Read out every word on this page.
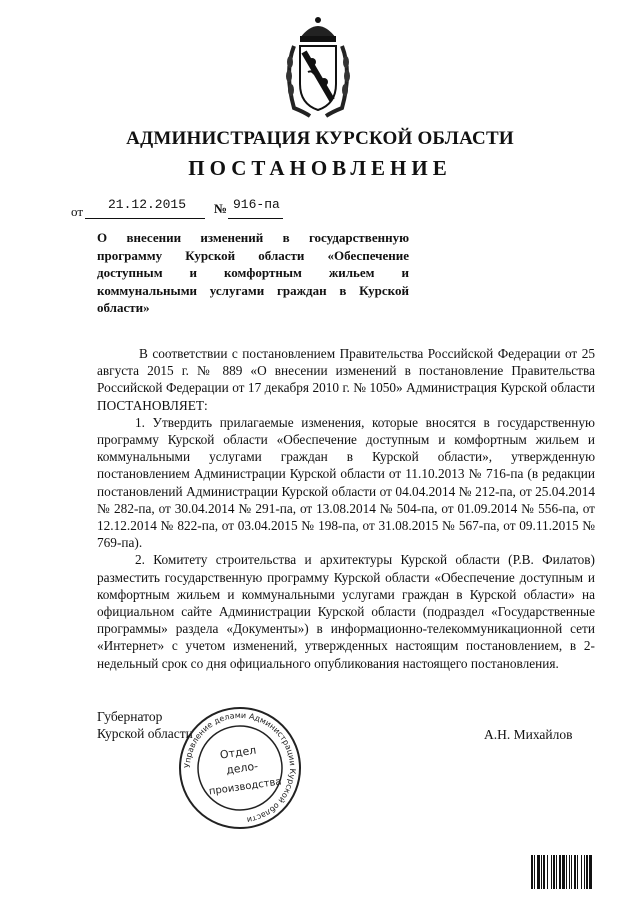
АДМИНИСТРАЦИЯ КУРСКОЙ ОБЛАСТИ
ПОСТАНОВЛЕНИЕ
от 21.12.2015 № 916-па
О внесении изменений в государственную
программу Курской области «Обеспечение
доступным и комфортным жильем и
коммунальными услугами граждан в Курской
области»
В соответствии с постановлением Правительства Российской Федерации от 25 августа 2015 г. № 889 «О внесении изменений в постановление Правительства Российской Федерации от 17 декабря 2010 г. № 1050» Администрация Курской области ПОСТАНОВЛЯЕТ:
1. Утвердить прилагаемые изменения, которые вносятся в государственную программу Курской области «Обеспечение доступным и комфортным жильем и коммунальными услугами граждан в Курской области», утвержденную постановлением Администрации Курской области от 11.10.2013 № 716-па (в редакции постановлений Администрации Курской области от 04.04.2014 № 212-па, от 25.04.2014 № 282-па, от 30.04.2014 № 291-па, от 13.08.2014 № 504-па, от 01.09.2014 № 556-па, от 12.12.2014 № 822-па, от 03.04.2015 № 198-па, от 31.08.2015 № 567-па, от 09.11.2015 № 769-па).
2. Комитету строительства и архитектуры Курской области (Р.В. Филатов) разместить государственную программу Курской области «Обеспечение доступным и комфортным жильем и коммунальными услугами граждан в Курской области» на официальном сайте Администрации Курской области (подраздел «Государственные программы» раздела «Документы») в информационно-телекоммуникационной сети «Интернет» с учетом изменений, утвержденных настоящим постановлением, в 2-недельный срок со дня официального опубликования настоящего постановления.
Губернатор
Курской области	А.Н. Михайлов
Управление делами Администрации Курской области
Отдел
дело-
производства
